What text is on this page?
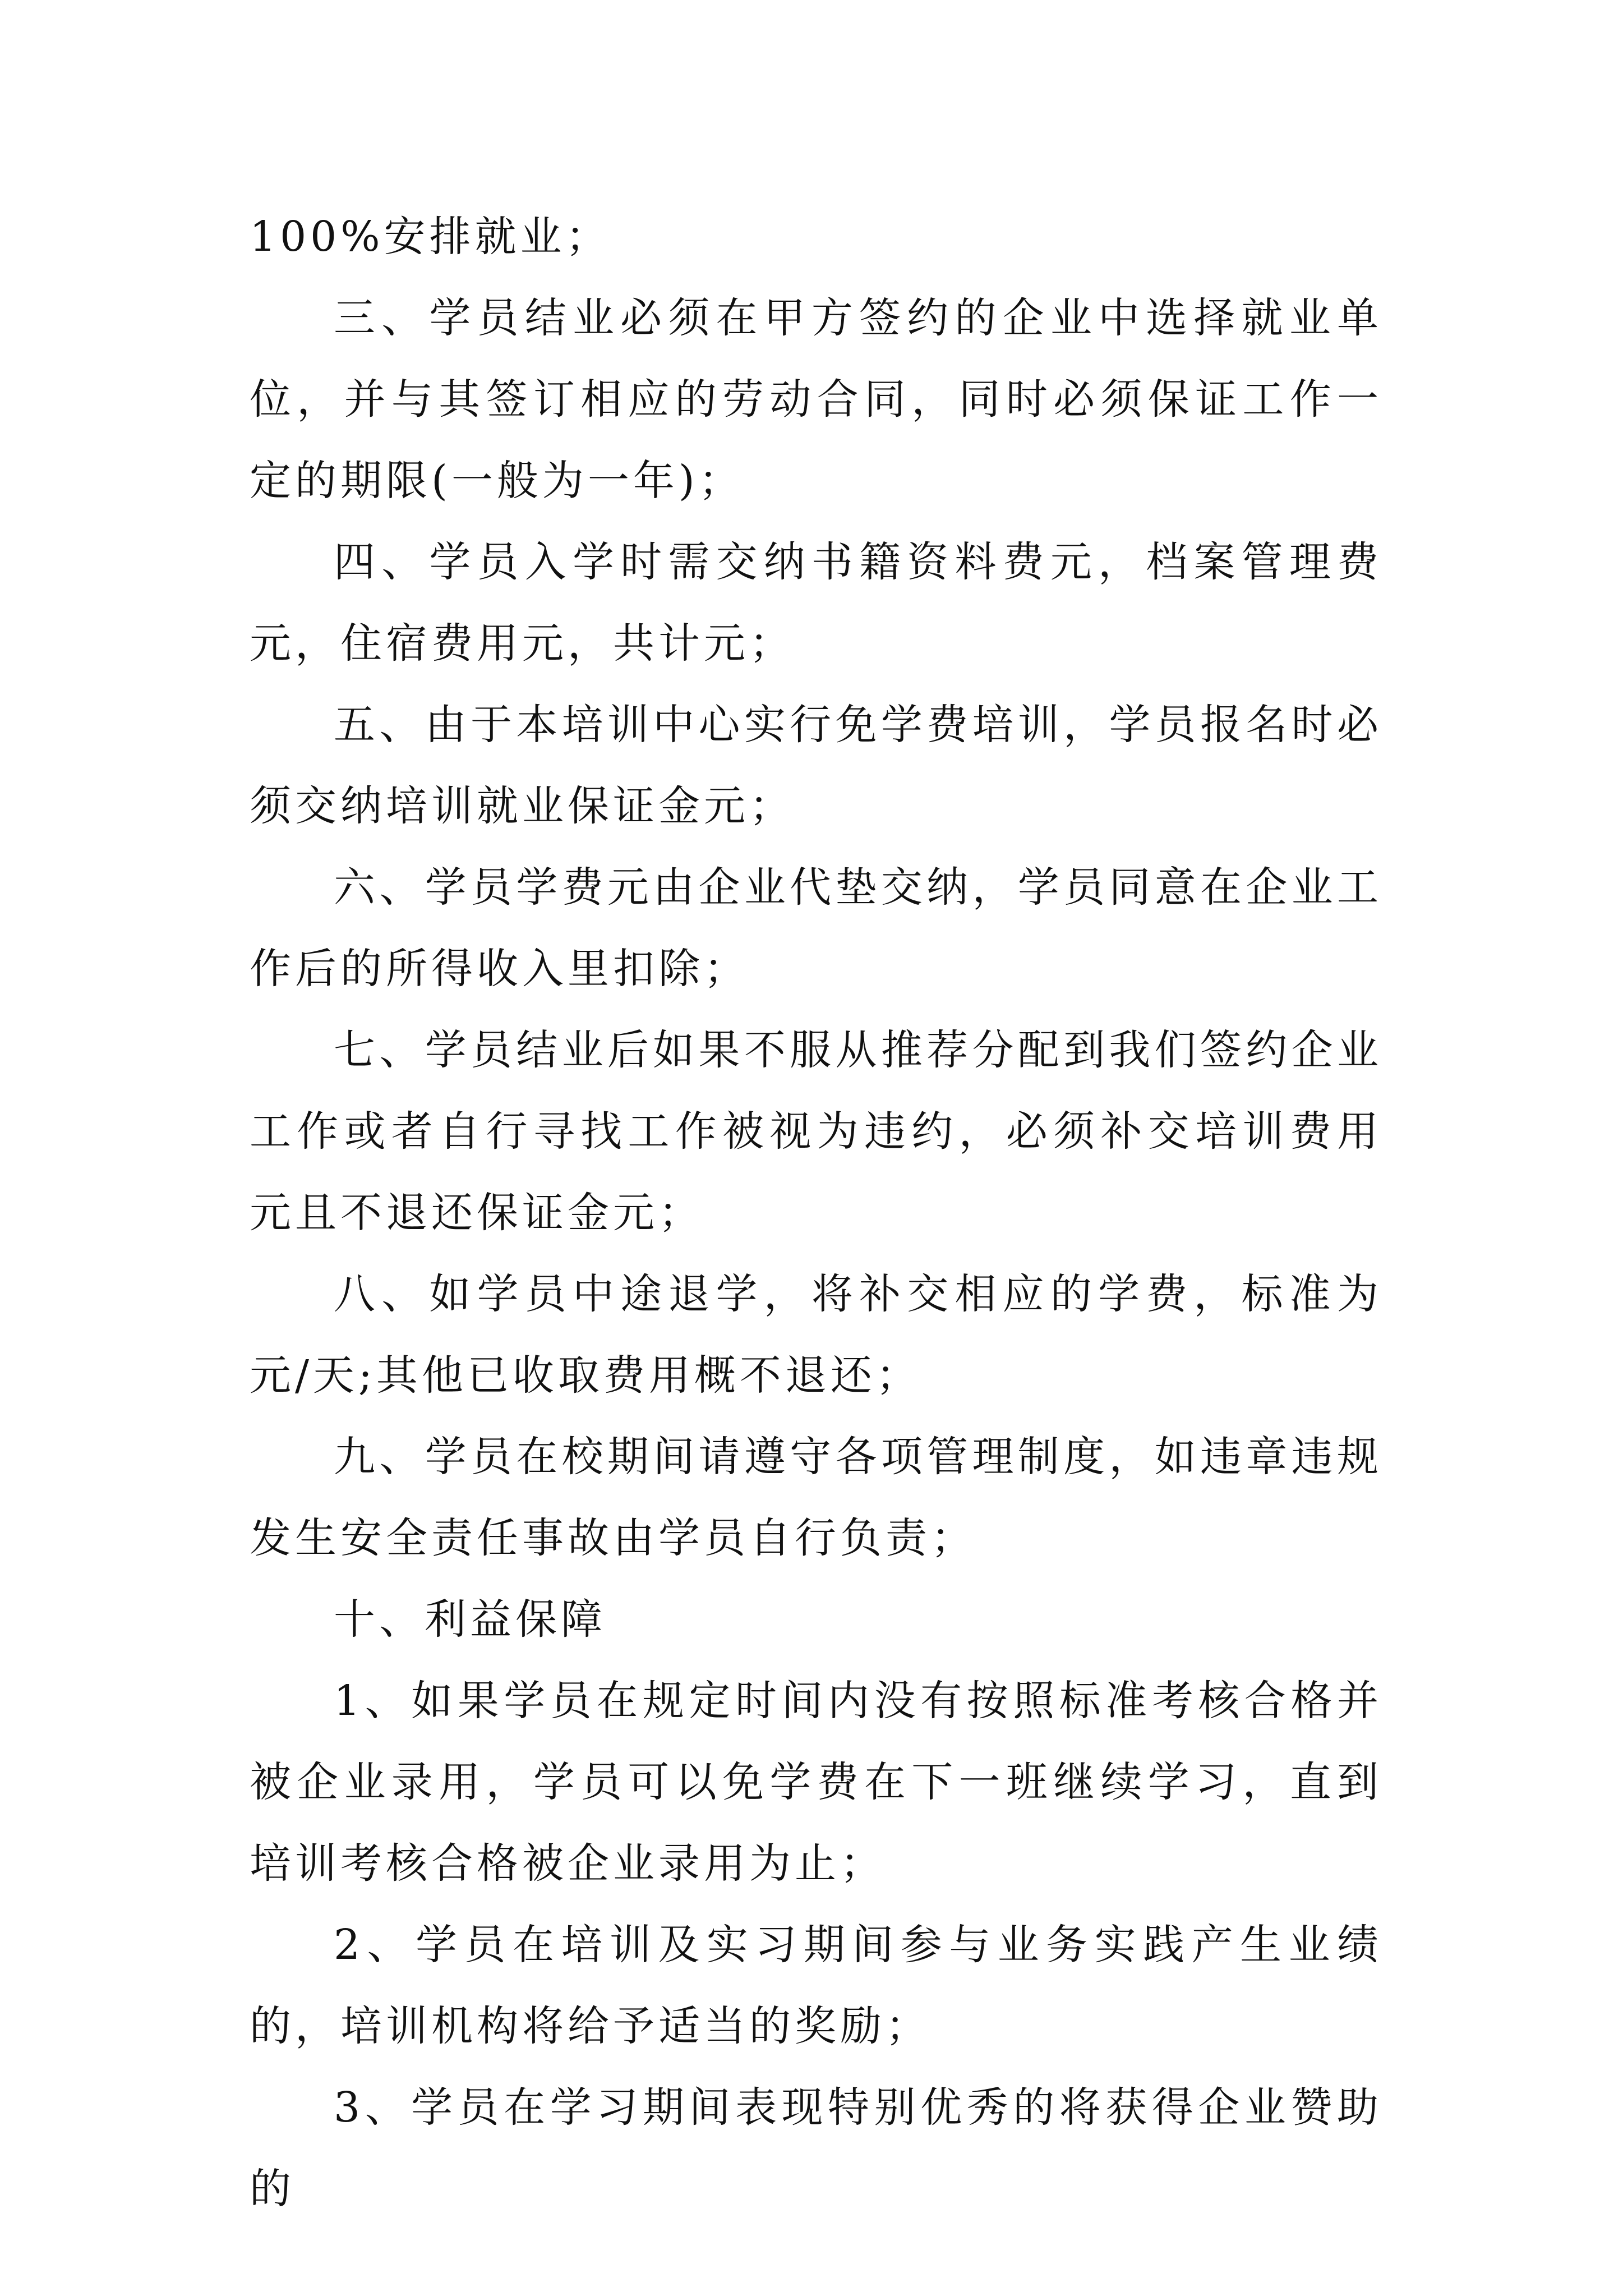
100%安排就业；

三、学员结业必须在甲方签约的企业中选择就业单位，并与其签订相应的劳动合同，同时必须保证工作一定的期限(一般为一年)；

四、学员入学时需交纳书籍资料费元，档案管理费元，住宿费用元，共计元；

五、由于本培训中心实行免学费培训，学员报名时必须交纳培训就业保证金元；

六、学员学费元由企业代垫交纳，学员同意在企业工作后的所得收入里扣除；

七、学员结业后如果不服从推荐分配到我们签约企业工作或者自行寻找工作被视为违约，必须补交培训费用元且不退还保证金元；

八、如学员中途退学，将补交相应的学费，标准为元/天;其他已收取费用概不退还；

九、学员在校期间请遵守各项管理制度，如违章违规发生安全责任事故由学员自行负责；

十、利益保障

1、如果学员在规定时间内没有按照标准考核合格并被企业录用，学员可以免学费在下一班继续学习，直到培训考核合格被企业录用为止；

2、学员在培训及实习期间参与业务实践产生业绩的，培训机构将给予适当的奖励；

3、学员在学习期间表现特别优秀的将获得企业赞助的
